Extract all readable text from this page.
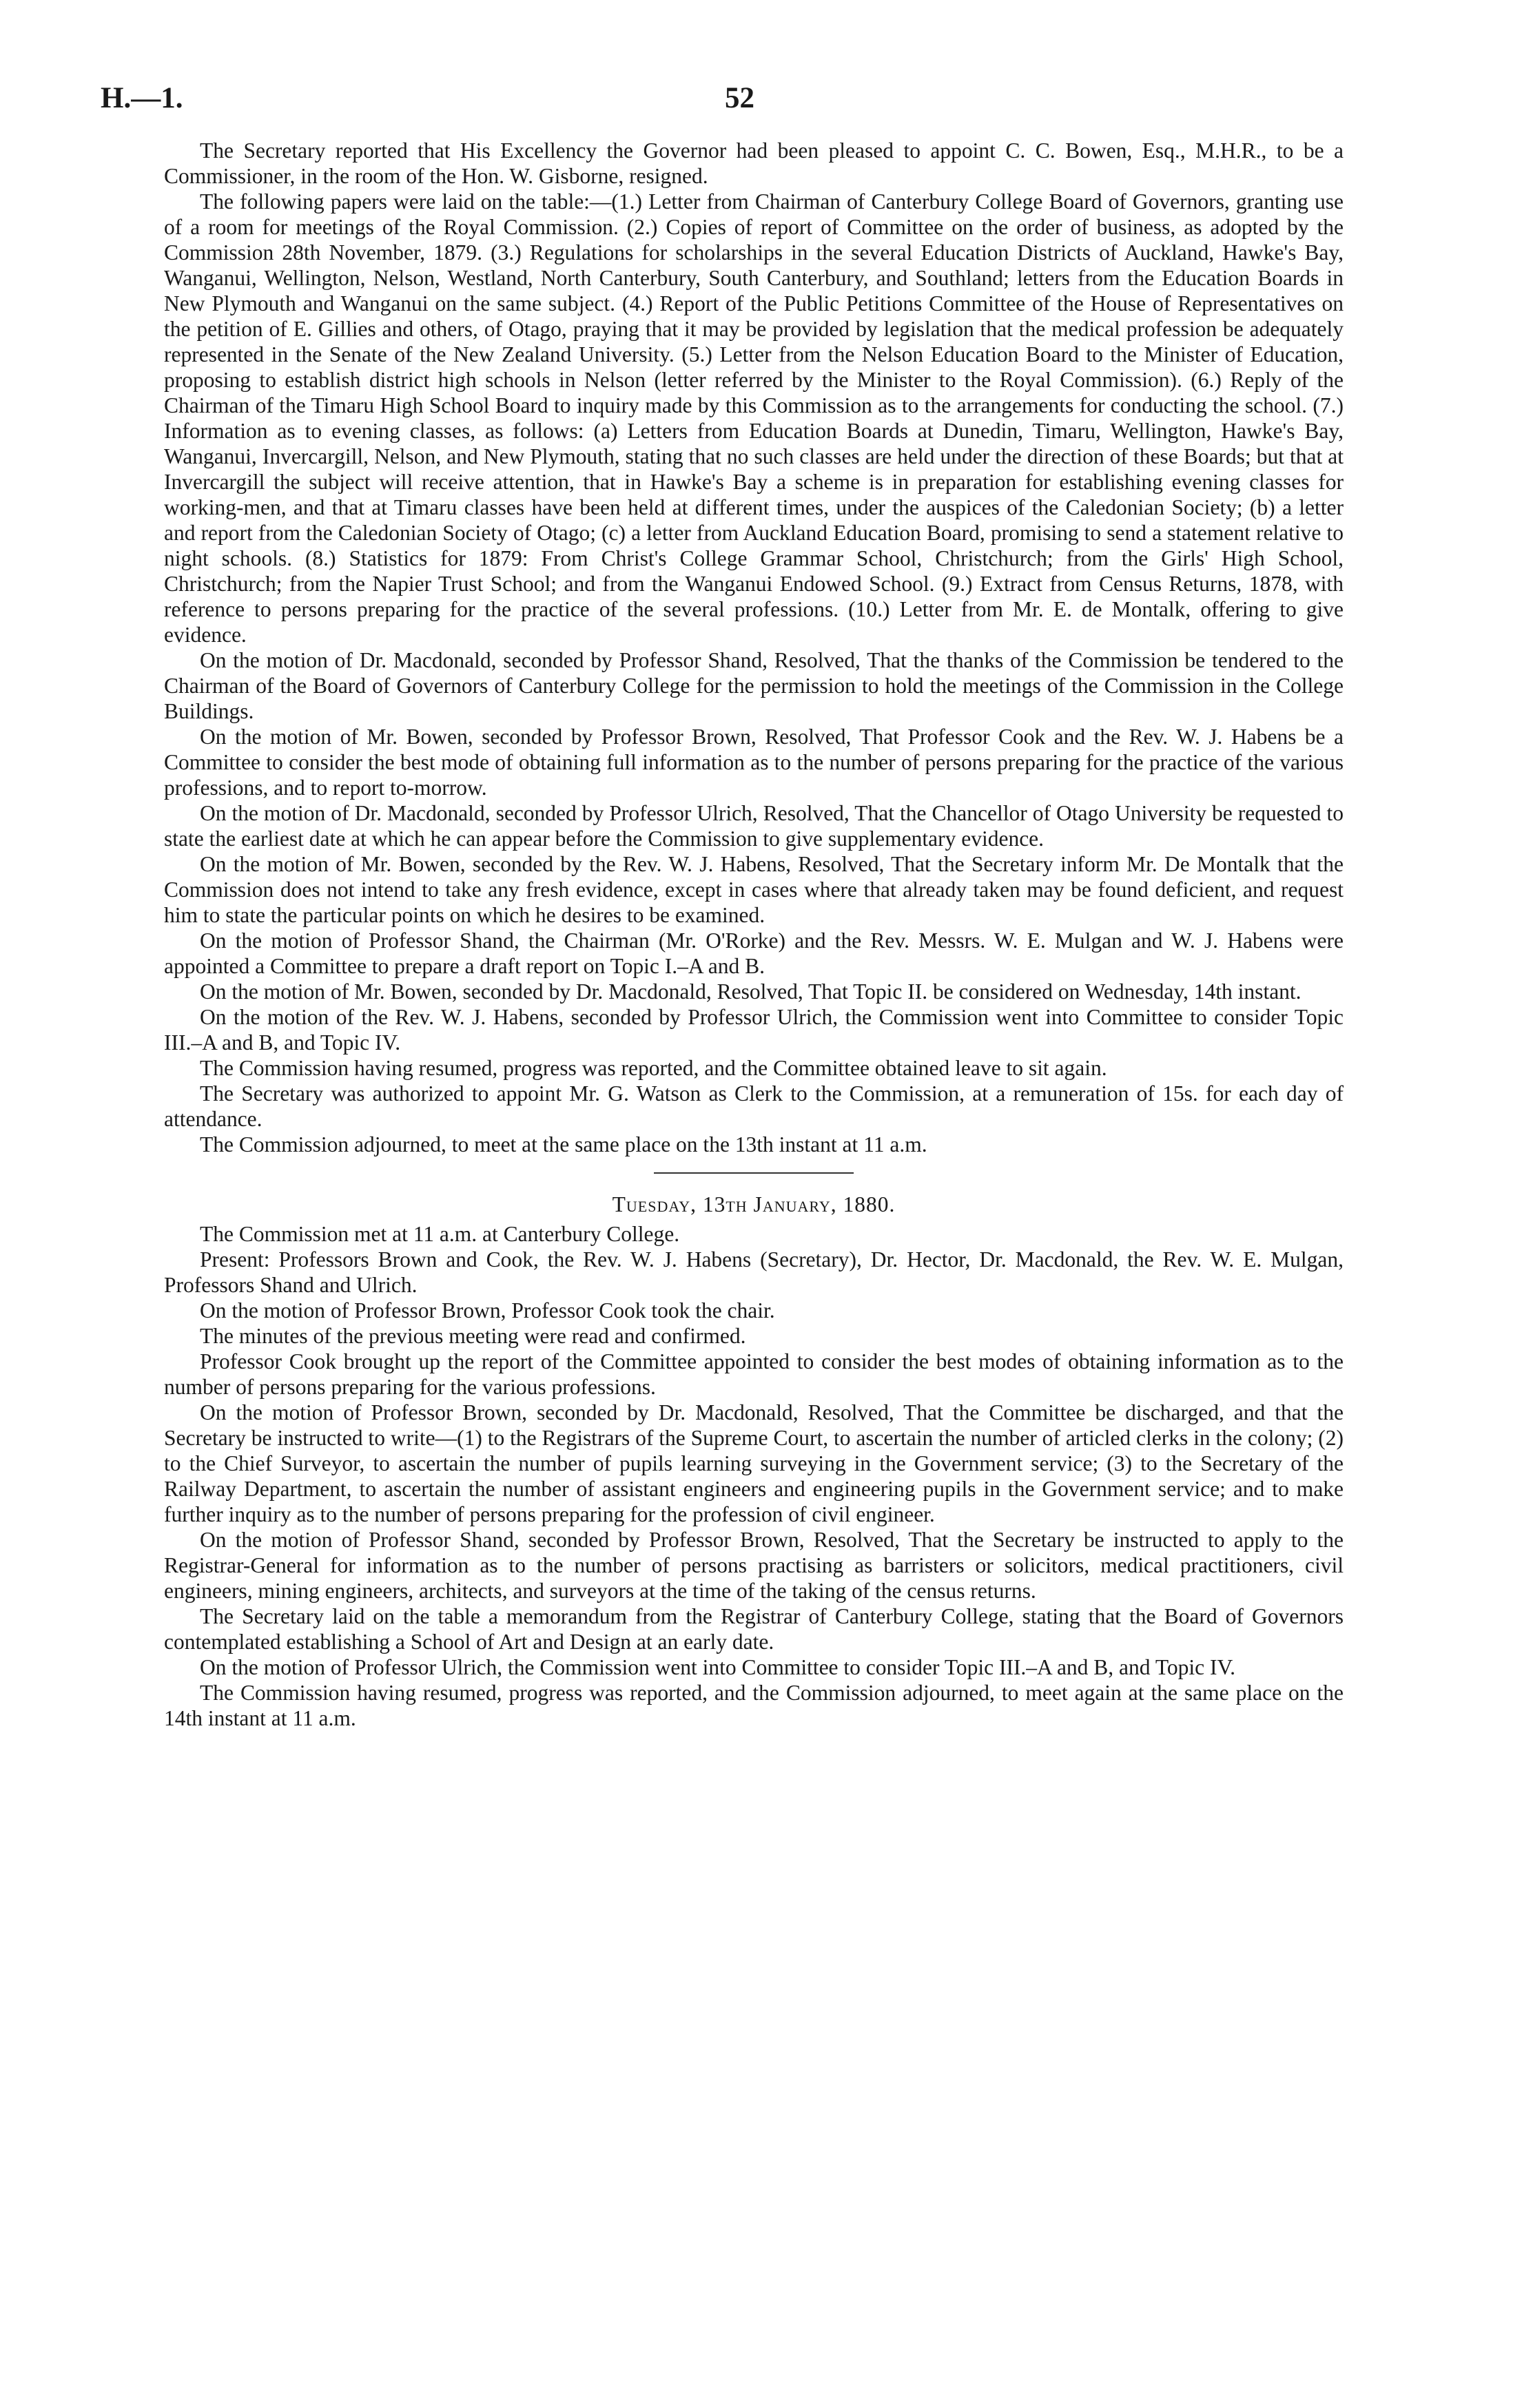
H.—1.	52

The Secretary reported that His Excellency the Governor had been pleased to appoint C. C. Bowen, Esq., M.H.R., to be a Commissioner, in the room of the Hon. W. Gisborne, resigned.

The following papers were laid on the table:—(1.) Letter from Chairman of Canterbury College Board of Governors, granting use of a room for meetings of the Royal Commission. (2.) Copies of report of Committee on the order of business, as adopted by the Commission 28th November, 1879. (3.) Regulations for scholarships in the several Education Districts of Auckland, Hawke's Bay, Wanganui, Wellington, Nelson, Westland, North Canterbury, South Canterbury, and Southland; letters from the Education Boards in New Plymouth and Wanganui on the same subject. (4.) Report of the Public Petitions Committee of the House of Representatives on the petition of E. Gillies and others, of Otago, praying that it may be provided by legislation that the medical profession be adequately represented in the Senate of the New Zealand University. (5.) Letter from the Nelson Education Board to the Minister of Education, proposing to establish district high schools in Nelson (letter referred by the Minister to the Royal Commission). (6.) Reply of the Chairman of the Timaru High School Board to inquiry made by this Commission as to the arrangements for conducting the school. (7.) Information as to evening classes, as follows: (a) Letters from Education Boards at Dunedin, Timaru, Wellington, Hawke's Bay, Wanganui, Invercargill, Nelson, and New Plymouth, stating that no such classes are held under the direction of these Boards; but that at Invercargill the subject will receive attention, that in Hawke's Bay a scheme is in preparation for establishing evening classes for working-men, and that at Timaru classes have been held at different times, under the auspices of the Caledonian Society; (b) a letter and report from the Caledonian Society of Otago; (c) a letter from Auckland Education Board, promising to send a statement relative to night schools. (8.) Statistics for 1879: From Christ's College Grammar School, Christchurch; from the Girls' High School, Christchurch; from the Napier Trust School; and from the Wanganui Endowed School. (9.) Extract from Census Returns, 1878, with reference to persons preparing for the practice of the several professions. (10.) Letter from Mr. E. de Montalk, offering to give evidence.

On the motion of Dr. Macdonald, seconded by Professor Shand, Resolved, That the thanks of the Commission be tendered to the Chairman of the Board of Governors of Canterbury College for the permission to hold the meetings of the Commission in the College Buildings.

On the motion of Mr. Bowen, seconded by Professor Brown, Resolved, That Professor Cook and the Rev. W. J. Habens be a Committee to consider the best mode of obtaining full information as to the number of persons preparing for the practice of the various professions, and to report to-morrow.

On the motion of Dr. Macdonald, seconded by Professor Ulrich, Resolved, That the Chancellor of Otago University be requested to state the earliest date at which he can appear before the Commission to give supplementary evidence.

On the motion of Mr. Bowen, seconded by the Rev. W. J. Habens, Resolved, That the Secretary inform Mr. De Montalk that the Commission does not intend to take any fresh evidence, except in cases where that already taken may be found deficient, and request him to state the particular points on which he desires to be examined.

On the motion of Professor Shand, the Chairman (Mr. O'Rorke) and the Rev. Messrs. W. E. Mulgan and W. J. Habens were appointed a Committee to prepare a draft report on Topic I.–A and B.

On the motion of Mr. Bowen, seconded by Dr. Macdonald, Resolved, That Topic II. be considered on Wednesday, 14th instant.

On the motion of the Rev. W. J. Habens, seconded by Professor Ulrich, the Commission went into Committee to consider Topic III.–A and B, and Topic IV.

The Commission having resumed, progress was reported, and the Committee obtained leave to sit again.

The Secretary was authorized to appoint Mr. G. Watson as Clerk to the Commission, at a remuneration of 15s. for each day of attendance.

The Commission adjourned, to meet at the same place on the 13th instant at 11 a.m.

Tuesday, 13th January, 1880.

The Commission met at 11 a.m. at Canterbury College.

Present: Professors Brown and Cook, the Rev. W. J. Habens (Secretary), Dr. Hector, Dr. Macdonald, the Rev. W. E. Mulgan, Professors Shand and Ulrich.

On the motion of Professor Brown, Professor Cook took the chair.

The minutes of the previous meeting were read and confirmed.

Professor Cook brought up the report of the Committee appointed to consider the best modes of obtaining information as to the number of persons preparing for the various professions.

On the motion of Professor Brown, seconded by Dr. Macdonald, Resolved, That the Committee be discharged, and that the Secretary be instructed to write—(1) to the Registrars of the Supreme Court, to ascertain the number of articled clerks in the colony; (2) to the Chief Surveyor, to ascertain the number of pupils learning surveying in the Government service; (3) to the Secretary of the Railway Department, to ascertain the number of assistant engineers and engineering pupils in the Government service; and to make further inquiry as to the number of persons preparing for the profession of civil engineer.

On the motion of Professor Shand, seconded by Professor Brown, Resolved, That the Secretary be instructed to apply to the Registrar-General for information as to the number of persons practising as barristers or solicitors, medical practitioners, civil engineers, mining engineers, architects, and surveyors at the time of the taking of the census returns.

The Secretary laid on the table a memorandum from the Registrar of Canterbury College, stating that the Board of Governors contemplated establishing a School of Art and Design at an early date.

On the motion of Professor Ulrich, the Commission went into Committee to consider Topic III.–A and B, and Topic IV.

The Commission having resumed, progress was reported, and the Commission adjourned, to meet again at the same place on the 14th instant at 11 a.m.
